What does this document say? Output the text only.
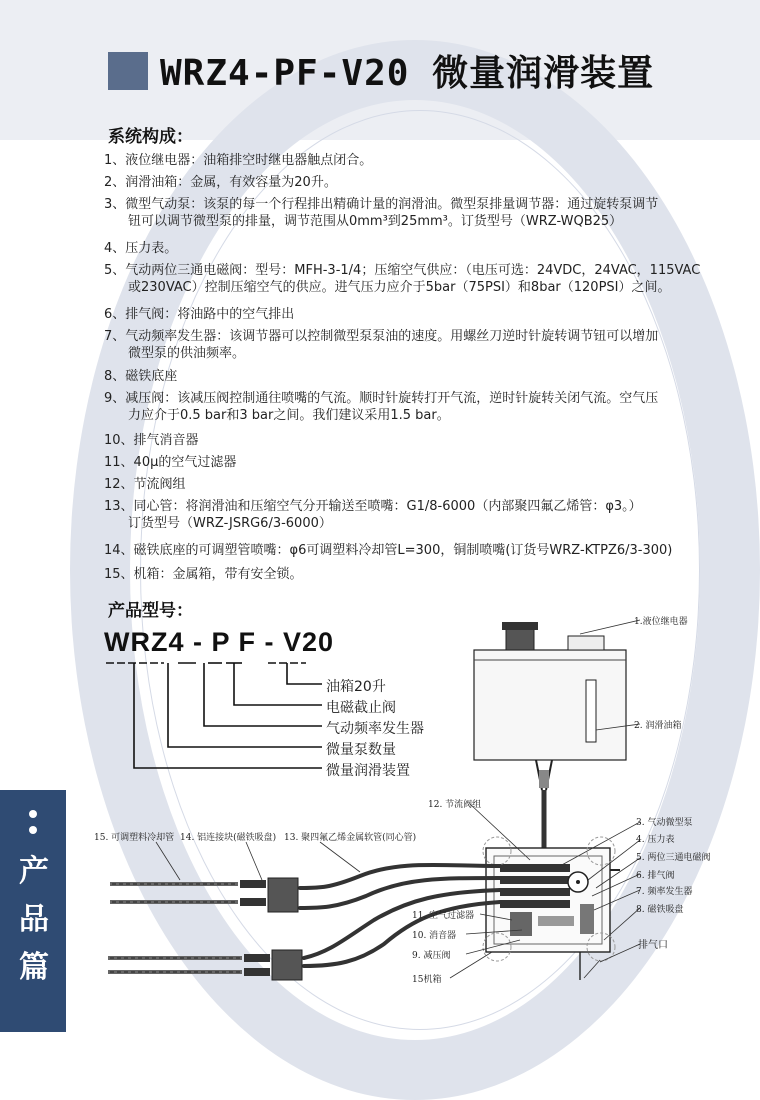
产
品
篇
WRZ4-PF-V20 微量润滑装置
系统构成：
1、液位继电器：油箱排空时继电器触点闭合。
2、润滑油箱：金属，有效容量为20升。
3、微型气动泵：该泵的每一个行程排出精确计量的润滑油。微型泵排量调节器：通过旋转泵调节
钮可以调节微型泵的排量，调节范围从0mm³到25mm³。订货型号（WRZ-WQB25）
4、压力表。
5、气动两位三通电磁阀：型号：MFH-3-1/4；压缩空气供应：（电压可选：24VDC，24VAC，115VAC
或230VAC）控制压缩空气的供应。进气压力应介于5bar（75PSI）和8bar（120PSI）之间。
6、排气阀：将油路中的空气排出
7、气动频率发生器：该调节器可以控制微型泵泵油的速度。用螺丝刀逆时针旋转调节钮可以增加
微型泵的供油频率。
8、磁铁底座
9、减压阀：该减压阀控制通往喷嘴的气流。顺时针旋转打开气流，逆时针旋转关闭气流。空气压
力应介于0.5 bar和3 bar之间。我们建议采用1.5 bar。
10、排气消音器
11、40μ的空气过滤器
12、节流阀组
13、同心管：将润滑油和压缩空气分开输送至喷嘴：G1/8-6000（内部聚四氟乙烯管：φ3。）
订货型号（WRZ-JSRG6/3-6000）
14、磁铁底座的可调塑管喷嘴：φ6可调塑料冷却管L=300，铜制喷嘴(订货号WRZ-KTPZ6/3-300)
15、机箱：金属箱，带有安全锁。
产品型号：
WRZ4 - P F - V20
油箱20升
电磁截止阀
气动频率发生器
微量泵数量
微量润滑装置
1.液位继电器
2. 润滑油箱
12. 节流阀组
3. 气动微型泵
4. 压力表
5. 两位三通电磁阀
6. 排气阀
7. 频率发生器
8. 磁铁吸盘
15. 可调塑料冷却管 14. 铝连接块(磁铁吸盘) 13. 聚四氟乙烯金属软管(同心管)
11. 空气过滤器
10. 消音器
9. 减压阀
15机箱
排气口
